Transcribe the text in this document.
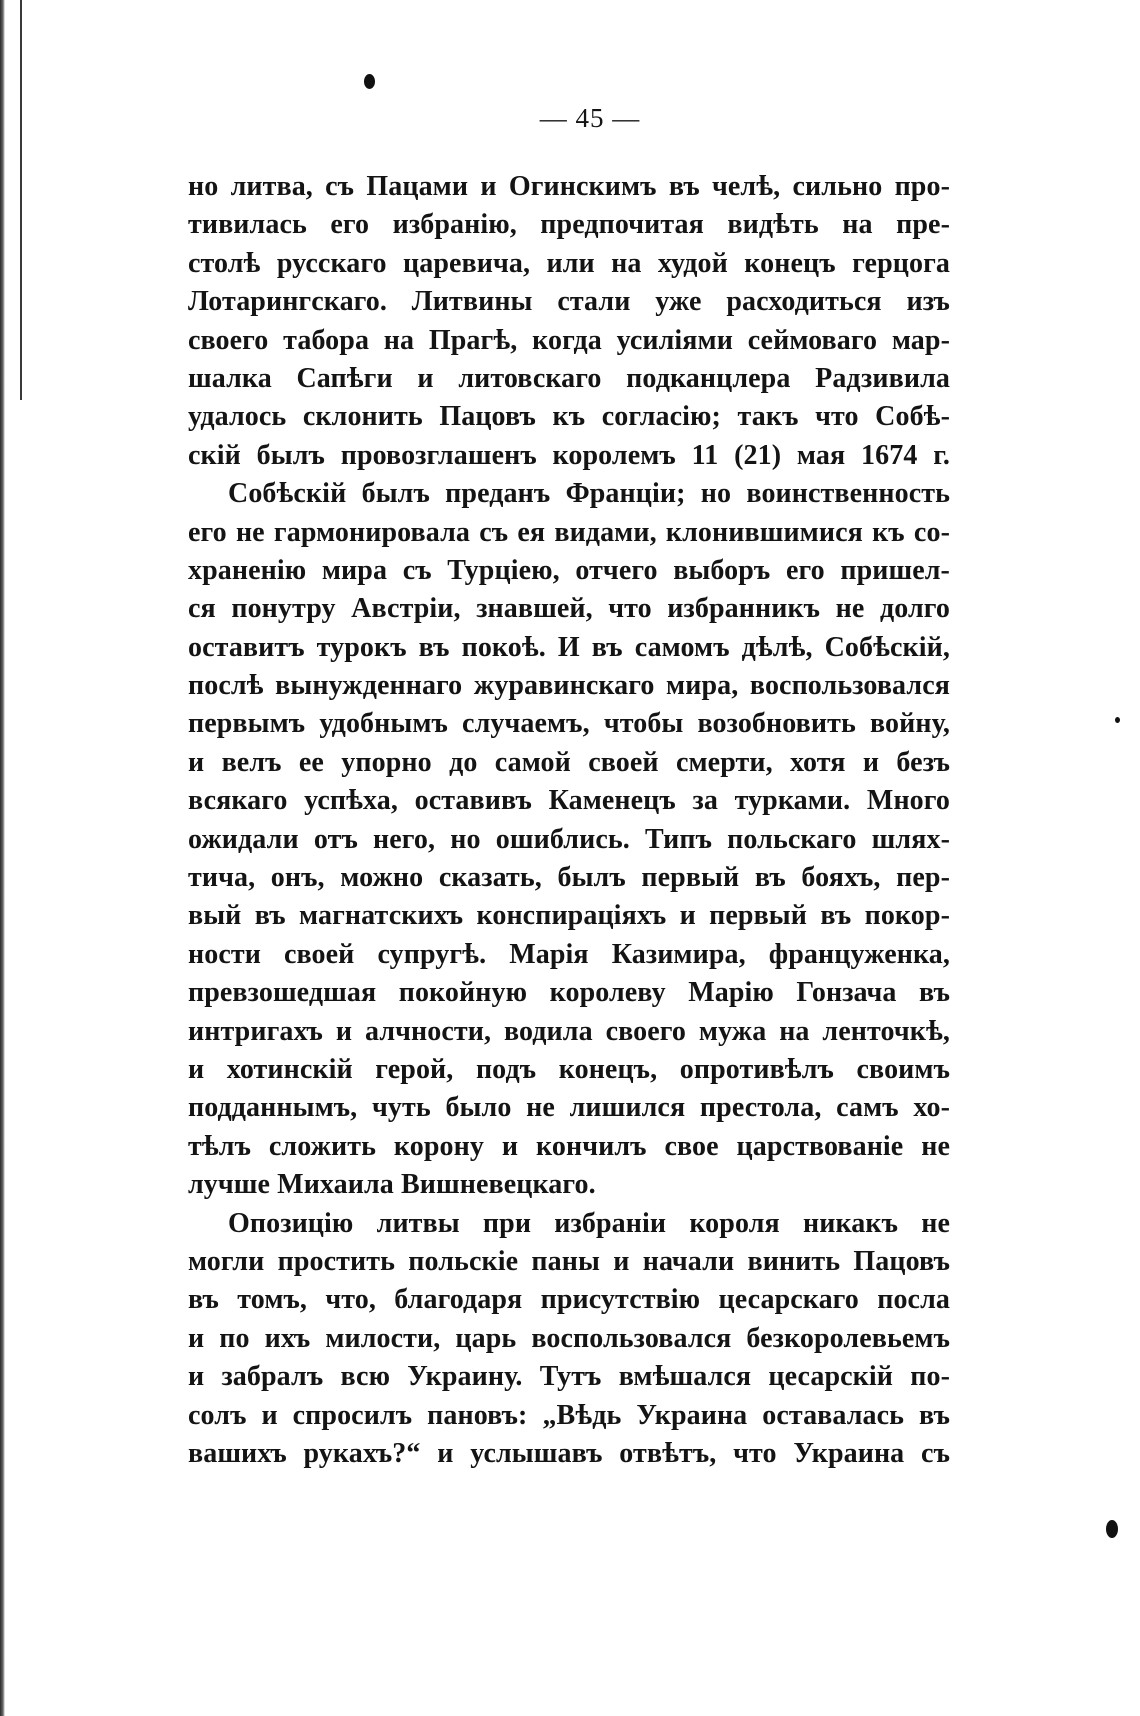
— 45 —
но литва, съ Пацами и Огинскимъ въ челѣ, сильно про-
тивилась его избранію, предпочитая видѣть на пре-
столѣ русскаго царевича, или на худой конецъ герцога
Лотарингскаго. Литвины стали уже расходиться изъ
своего табора на Прагѣ, когда усиліями сеймоваго мар-
шалка Сапѣги и литовскаго подканцлера Радзивила
удалось склонить Пацовъ къ согласію; такъ что Собѣ-
скій былъ провозглашенъ королемъ 11 (21) мая 1674 г.
Собѣскій былъ преданъ Франціи; но воинственность
его не гармонировала съ ея видами, клонившимися къ со-
храненію мира съ Турціею, отчего выборъ его пришел-
ся понутру Австріи, знавшей, что избранникъ не долго
оставитъ турокъ въ покоѣ. И въ самомъ дѣлѣ, Собѣскій,
послѣ вынужденнаго журавинскаго мира, воспользовался
первымъ удобнымъ случаемъ, чтобы возобновить войну,
и велъ ее упорно до самой своей смерти, хотя и безъ
всякаго успѣха, оставивъ Каменецъ за турками. Много
ожидали отъ него, но ошиблись. Типъ польскаго шлях-
тича, онъ, можно сказать, былъ первый въ бояхъ, пер-
вый въ магнатскихъ конспираціяхъ и первый въ покор-
ности своей супругѣ. Марія Казимира, француженка,
превзошедшая покойную королеву Марію Гонзача въ
интригахъ и алчности, водила своего мужа на ленточкѣ,
и хотинскій герой, подъ конецъ, опротивѣлъ своимъ
подданнымъ, чуть было не лишился престола, самъ хо-
тѣлъ сложить корону и кончилъ свое царствованіе не
лучше Михаила Вишневецкаго.
Опозицію литвы при избраніи короля никакъ не
могли простить польскіе паны и начали винить Пацовъ
въ томъ, что, благодаря присутствію цесарскаго посла
и по ихъ милости, царь воспользовался безкоролевьемъ
и забралъ всю Украину. Тутъ вмѣшался цесарскій по-
солъ и спросилъ пановъ: „Вѣдь Украина оставалась въ
вашихъ рукахъ?“ и услышавъ отвѣтъ, что Украина съ
